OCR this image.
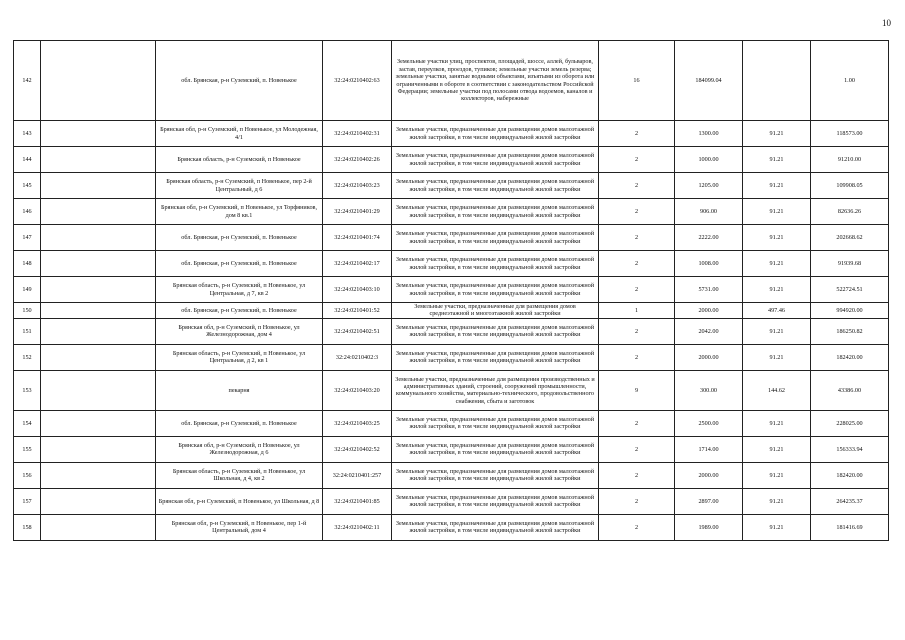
10
142		обл. Брянская, р-н Суземский, п. Новенькое	32:24:0210402:63	Земельные участки улиц, проспектов, площадей, шоссе, аллей, бульваров, застав, переулков, проездов, тупиков; земельные участки земель резерва; земельные участки, занятые водными объектами, изъятыми из оборота или ограниченными в обороте в соответствии с законодательством Российской Федерации; земельные участки под полосами отвода водоемов, каналов и коллекторов, набережные	16	184099.04		1.00
143		Брянская обл, р-н Суземский, п Новенькое, ул Молодежная, 4/1	32:24:0210402:31	Земельные участки, предназначенные для размещения домов малоэтажной жилой застройки, в том числе индивидуальной жилой застройки	2	1300.00	91.21	118573.00
144		Брянская область, р-н Суземский, п Новенькое	32:24:0210402:26	Земельные участки, предназначенные для размещения домов малоэтажной жилой застройки, в том числе индивидуальной жилой застройки	2	1000.00	91.21	91210.00
145		Брянская область, р-н Суземский, п Новенькое, пер 2-й Центральный, д 6	32:24:0210403:23	Земельные участки, предназначенные для размещения домов малоэтажной жилой застройки, в том числе индивидуальной жилой застройки	2	1205.00	91.21	109908.05
146		Брянская обл, р-н Суземский, п Новенькое, ул Торфяников, дом 8 кв.1	32:24:0210401:29	Земельные участки, предназначенные для размещения домов малоэтажной жилой застройки, в том числе индивидуальной жилой застройки	2	906.00	91.21	82636.26
147		обл. Брянская, р-н Суземский, п. Новенькое	32:24:0210401:74	Земельные участки, предназначенные для размещения домов малоэтажной жилой застройки, в том числе индивидуальной жилой застройки	2	2222.00	91.21	202668.62
148		обл. Брянская, р-н Суземский, п. Новенькое	32:24:0210402:17	Земельные участки, предназначенные для размещения домов малоэтажной жилой застройки, в том числе индивидуальной жилой застройки	2	1008.00	91.21	91939.68
149		Брянская область, р-н Суземский, п Новенькое, ул Центральная, д 7, кв 2	32:24:0210403:10	Земельные участки, предназначенные для размещения домов малоэтажной жилой застройки, в том числе индивидуальной жилой застройки	2	5731.00	91.21	522724.51
150		обл. Брянская, р-н Суземский, п. Новенькое	32:24:0210401:52	Земельные участки, предназначенные для размещения домов среднеэтажной и многоэтажной жилой застройки	1	2000.00	497.46	994920.00
151		Брянская обл, р-н Суземский, п Новенькое, ул Железнодорожная, дом 4	32:24:0210402:51	Земельные участки, предназначенные для размещения домов малоэтажной жилой застройки, в том числе индивидуальной жилой застройки	2	2042.00	91.21	186250.82
152		Брянская область, р-н Суземский, п Новенькое, ул Центральная, д 2, кв 1	32:24:0210402:3	Земельные участки, предназначенные для размещения домов малоэтажной жилой застройки, в том числе индивидуальной жилой застройки	2	2000.00	91.21	182420.00
153		пекарня	32:24:0210403:20	Земельные участки, предназначенные для размещения производственных и административных зданий, строений, сооружений промышленности, коммунального хозяйства, материально-технического, продовольственного снабжения, сбыта и заготовок	9	300.00	144.62	43386.00
154		обл. Брянская, р-н Суземский, п. Новенькое	32:24:0210403:25	Земельные участки, предназначенные для размещения домов малоэтажной жилой застройки, в том числе индивидуальной жилой застройки	2	2500.00	91.21	228025.00
155		Брянская обл, р-н Суземский, п Новенькое, ул Железнодорожная, д 6	32:24:0210402:52	Земельные участки, предназначенные для размещения домов малоэтажной жилой застройки, в том числе индивидуальной жилой застройки	2	1714.00	91.21	156333.94
156		Брянская область, р-н Суземский, п Новенькое, ул Школьная, д 4, кв 2	32:24:0210401:257	Земельные участки, предназначенные для размещения домов малоэтажной жилой застройки, в том числе индивидуальной жилой застройки	2	2000.00	91.21	182420.00
157		Брянская обл, р-н Суземский, п Новенькое, ул Школьная, д 8	32:24:0210401:85	Земельные участки, предназначенные для размещения домов малоэтажной жилой застройки, в том числе индивидуальной жилой застройки	2	2897.00	91.21	264235.37
158		Брянская обл, р-н Суземский, п Новенькое, пер 1-й Центральный, дом 4	32:24:0210402:11	Земельные участки, предназначенные для размещения домов малоэтажной жилой застройки, в том числе индивидуальной жилой застройки	2	1989.00	91.21	181416.69
